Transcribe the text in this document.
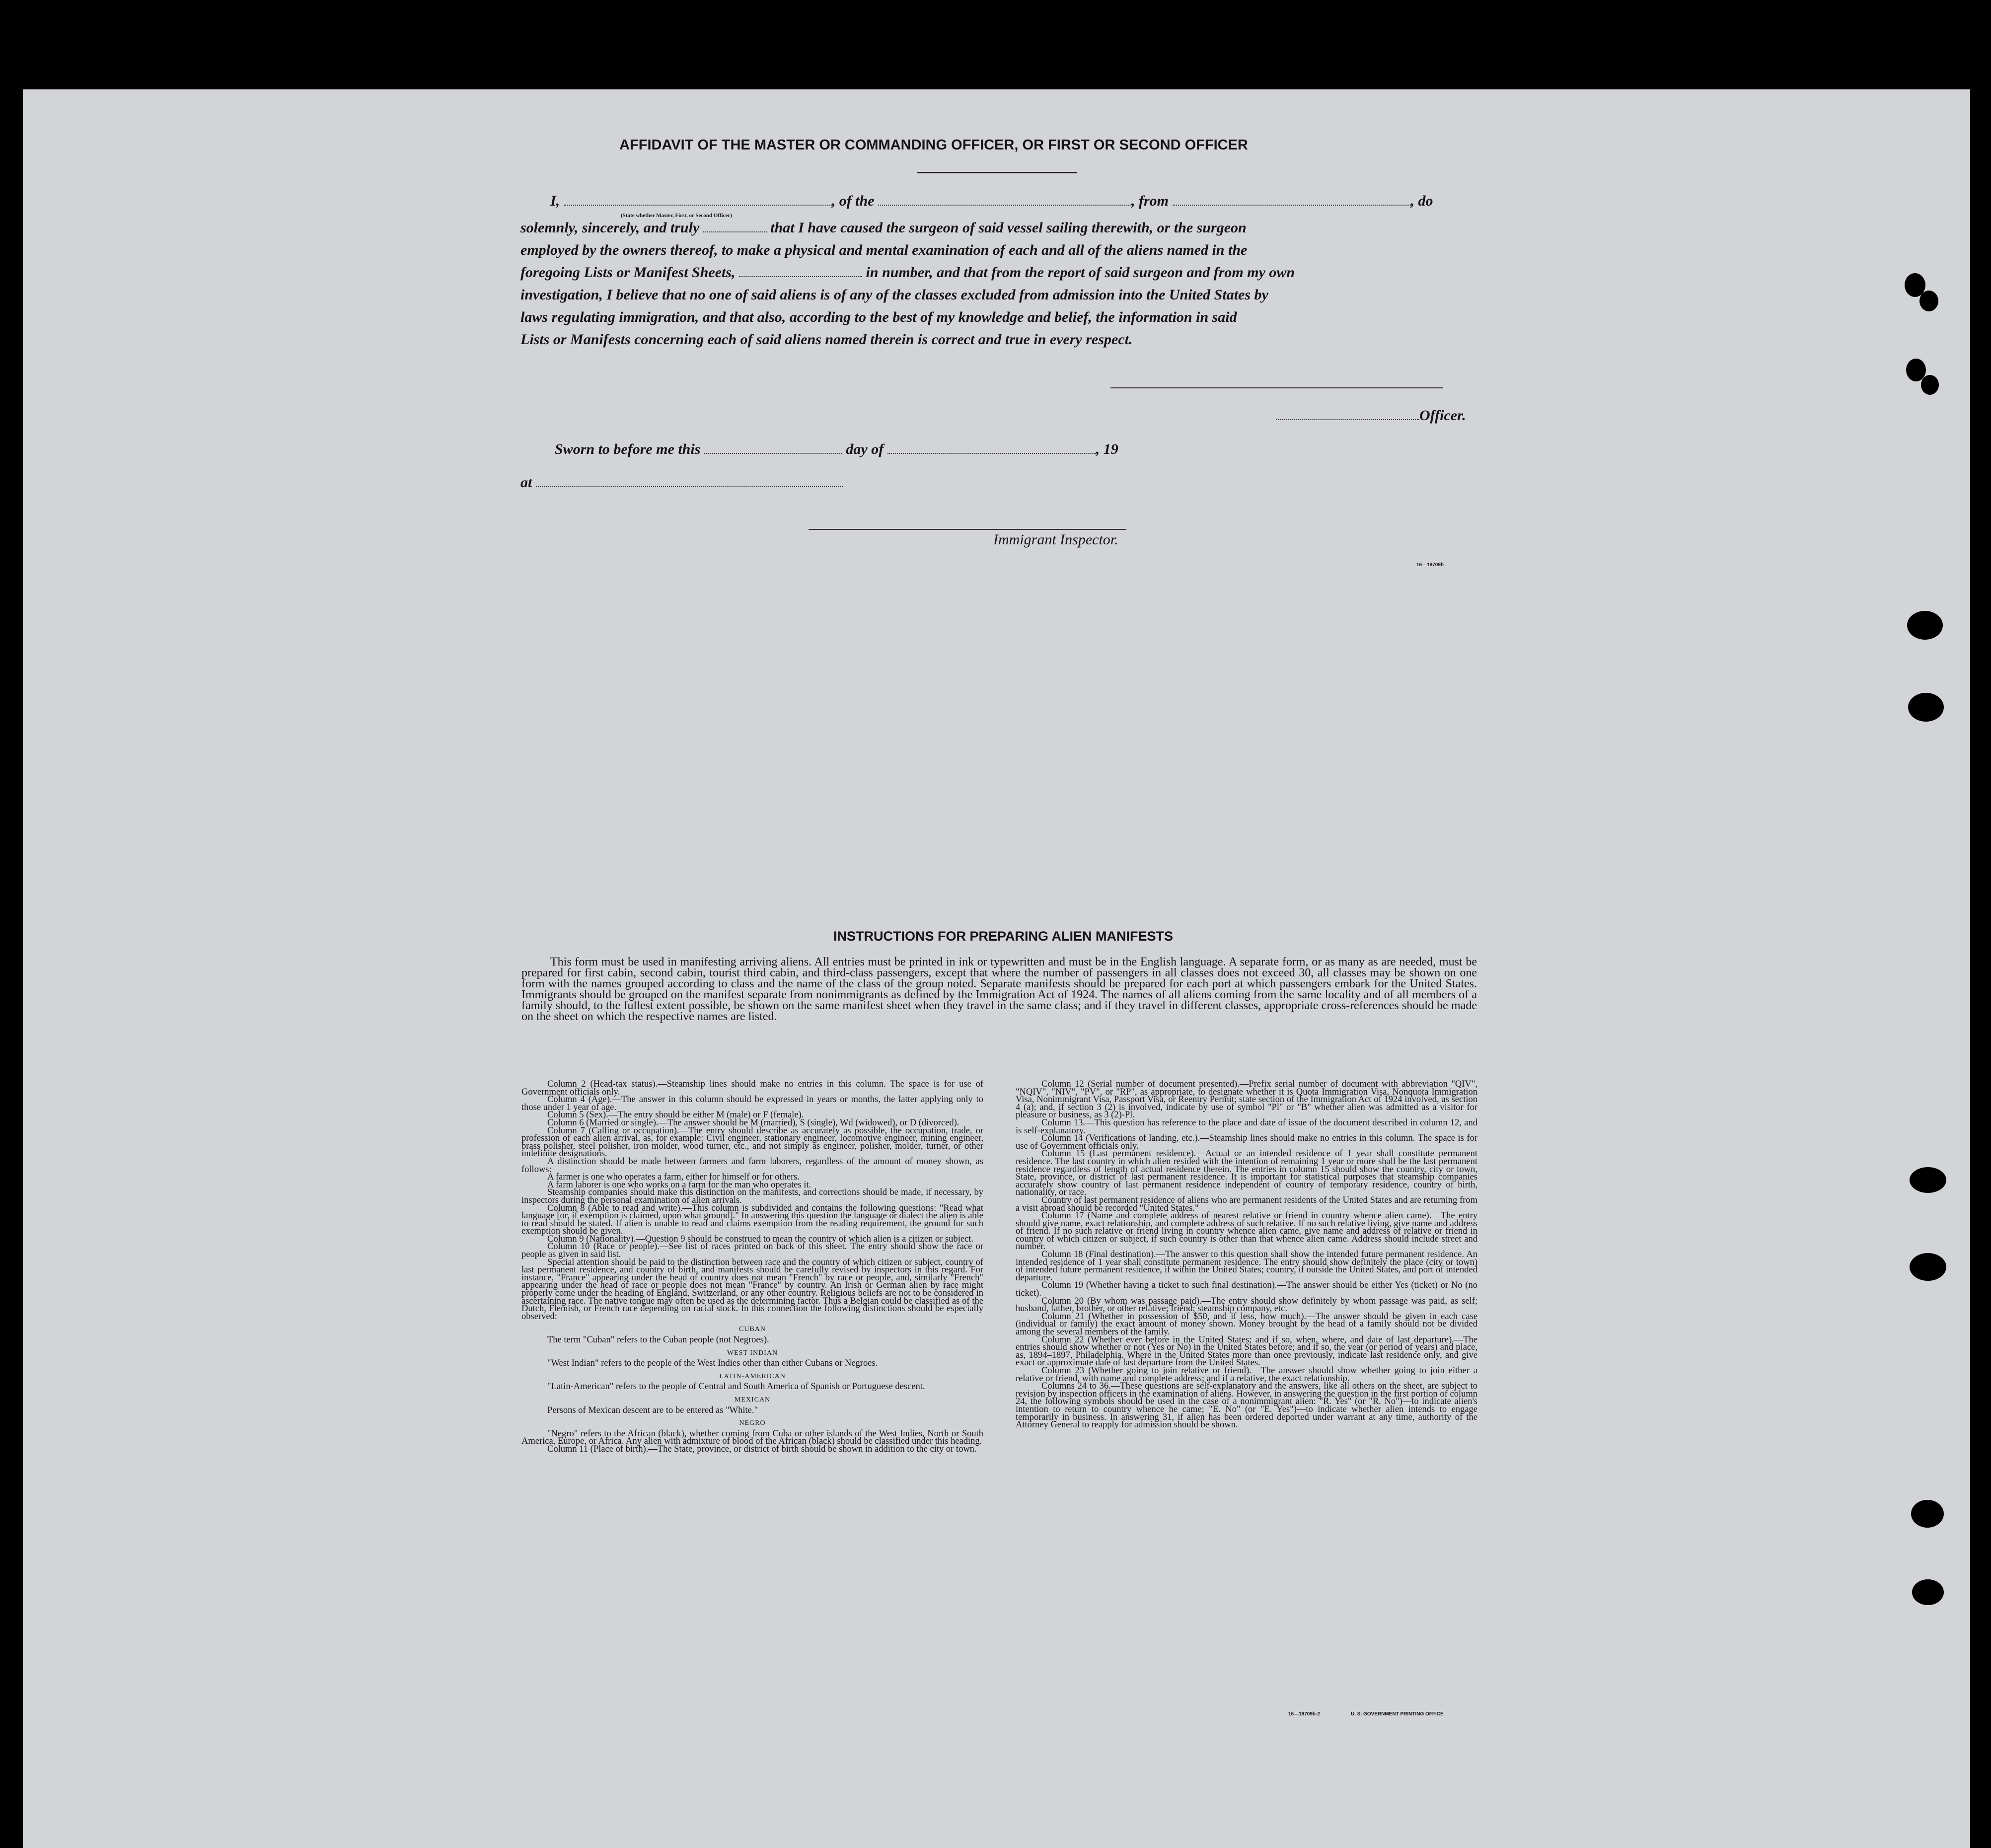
AFFIDAVIT OF THE MASTER OR COMMANDING OFFICER, OR FIRST OR SECOND OFFICER
I,	, of the	, from	, do
(State whether Master, First, or Second Officer)
solemnly, sincerely, and truly	that I have caused the surgeon of said vessel sailing therewith, or the surgeon
employed by the owners thereof, to make a physical and mental examination of each and all of the aliens named in the
foregoing Lists or Manifest Sheets,	in number, and that from the report of said surgeon and from my own
investigation, I believe that no one of said aliens is of any of the classes excluded from admission into the United States by
laws regulating immigration, and that also, according to the best of my knowledge and belief, the information in said
Lists or Manifests concerning each of said aliens named therein is correct and true in every respect.
Officer.
Sworn to before me this	day of	, 19
at
Immigrant Inspector.
16—18709b
INSTRUCTIONS FOR PREPARING ALIEN MANIFESTS
This form must be used in manifesting arriving aliens. All entries must be printed in ink or typewritten and must be in the English language. A separate form, or as many as are needed, must be prepared for first cabin, second cabin, tourist third cabin, and third-class passengers, except that where the number of passengers in all classes does not exceed 30, all classes may be shown on one form with the names grouped according to class and the name of the class of the group noted. Separate manifests should be prepared for each port at which passengers embark for the United States. Immigrants should be grouped on the manifest separate from nonimmigrants as defined by the Immigration Act of 1924. The names of all aliens coming from the same locality and of all members of a family should, to the fullest extent possible, be shown on the same manifest sheet when they travel in the same class; and if they travel in different classes, appropriate cross-references should be made on the sheet on which the respective names are listed.

Column 2 (Head-tax status).—Steamship lines should make no entries in this column. The space is for use of Government officials only.

Column 4 (Age).—The answer in this column should be expressed in years or months, the latter applying only to those under 1 year of age.

Column 5 (Sex).—The entry should be either M (male) or F (female).

Column 6 (Married or single).—The answer should be M (married), S (single), Wd (widowed), or D (divorced).

Column 7 (Calling or occupation).—The entry should describe as accurately as possible, the occupation, trade, or profession of each alien arrival, as, for example: Civil engineer, stationary engineer, locomotive engineer, mining engineer, brass polisher, steel polisher, iron molder, wood turner, etc., and not simply as engineer, polisher, molder, turner, or other indefinite designations.

A distinction should be made between farmers and farm laborers, regardless of the amount of money shown, as follows:

A farmer is one who operates a farm, either for himself or for others.

A farm laborer is one who works on a farm for the man who operates it.

Steamship companies should make this distinction on the manifests, and corrections should be made, if necessary, by inspectors during the personal examination of alien arrivals.

Column 8 (Able to read and write).—This column is subdivided and contains the following questions: "Read what language [or, if exemption is claimed, upon what ground]." In answering this question the language or dialect the alien is able to read should be stated. If alien is unable to read and claims exemption from the reading requirement, the ground for such exemption should be given.

Column 9 (Nationality).—Question 9 should be construed to mean the country of which alien is a citizen or subject.

Column 10 (Race or people).—See list of races printed on back of this sheet. The entry should show the race or people as given in said list.

Special attention should be paid to the distinction between race and the country of which citizen or subject, country of last permanent residence, and country of birth, and manifests should be carefully revised by inspectors in this regard. For instance, "France" appearing under the head of country does not mean "French" by race or people, and, similarly "French" appearing under the head of race or people does not mean "France" by country. An Irish or German alien by race might properly come under the heading of England, Switzerland, or any other country. Religious beliefs are not to be considered in ascertaining race. The native tongue may often be used as the determining factor. Thus a Belgian could be classified as of the Dutch, Flemish, or French race depending on racial stock. In this connection the following distinctions should be especially observed:

CUBAN

The term "Cuban" refers to the Cuban people (not Negroes).

WEST INDIAN

"West Indian" refers to the people of the West Indies other than either Cubans or Negroes.

LATIN-AMERICAN

"Latin-American" refers to the people of Central and South America of Spanish or Portuguese descent.

MEXICAN

Persons of Mexican descent are to be entered as "White."

NEGRO

"Negro" refers to the African (black), whether coming from Cuba or other islands of the West Indies, North or South America, Europe, or Africa. Any alien with admixture of blood of the African (black) should be classified under this heading.

Column 11 (Place of birth).—The State, province, or district of birth should be shown in addition to the city or town.

Column 12 (Serial number of document presented).—Prefix serial number of document with abbreviation "QIV", "NQIV", "NIV", "PV", or "RP", as appropriate, to designate whether it is Quota Immigration Visa, Nonquota Immigration Visa, Nonimmigrant Visa, Passport Visa, or Reentry Permit; state section of the Immigration Act of 1924 involved, as section 4 (a); and, if section 3 (2) is involved, indicate by use of symbol "Pl" or "B" whether alien was admitted as a visitor for pleasure or business, as 3 (2)-Pl.

Column 13.—This question has reference to the place and date of issue of the document described in column 12, and is self-explanatory.

Column 14 (Verifications of landing, etc.).—Steamship lines should make no entries in this column. The space is for use of Government officials only.

Column 15 (Last permanent residence).—Actual or an intended residence of 1 year shall constitute permanent residence. The last country in which alien resided with the intention of remaining 1 year or more shall be the last permanent residence regardless of length of actual residence therein. The entries in column 15 should show the country, city or town, State, province, or district of last permanent residence. It is important for statistical purposes that steamship companies accurately show country of last permanent residence independent of country of temporary residence, country of birth, nationality, or race.

Country of last permanent residence of aliens who are permanent residents of the United States and are returning from a visit abroad should be recorded "United States."

Column 17 (Name and complete address of nearest relative or friend in country whence alien came).—The entry should give name, exact relationship, and complete address of such relative. If no such relative living, give name and address of friend. If no such relative or friend living in country whence alien came, give name and address of relative or friend in country of which citizen or subject, if such country is other than that whence alien came. Address should include street and number.

Column 18 (Final destination).—The answer to this question shall show the intended future permanent residence. An intended residence of 1 year shall constitute permanent residence. The entry should show definitely the place (city or town) of intended future permanent residence, if within the United States; country, if outside the United States, and port of intended departure.

Column 19 (Whether having a ticket to such final destination).—The answer should be either Yes (ticket) or No (no ticket).

Column 20 (By whom was passage paid).—The entry should show definitely by whom passage was paid, as self; husband, father, brother, or other relative; friend; steamship company, etc.

Column 21 (Whether in possession of $50, and if less, how much).—The answer should be given in each case (individual or family) the exact amount of money shown. Money brought by the head of a family should not be divided among the several members of the family.

Column 22 (Whether ever before in the United States; and if so, when, where, and date of last departure).—The entries should show whether or not (Yes or No) in the United States before; and if so, the year (or period of years) and place, as, 1894–1897, Philadelphia. Where in the United States more than once previously, indicate last residence only, and give exact or approximate date of last departure from the United States.

Column 23 (Whether going to join relative or friend).—The answer should show whether going to join either a relative or friend, with name and complete address; and if a relative, the exact relationship.

Columns 24 to 36.—These questions are self-explanatory and the answers, like all others on the sheet, are subject to revision by inspection officers in the examination of aliens. However, in answering the question in the first portion of column 24, the following symbols should be used in the case of a nonimmigrant alien: "R. Yes" (or "R. No")—to indicate alien's intention to return to country whence he came; "E. No" (or "E. Yes")—to indicate whether alien intends to engage temporarily in business. In answering 31, if alien has been ordered deported under warrant at any time, authority of the Attorney General to reapply for admission should be shown.

16—18709b-2	U. S. GOVERNMENT PRINTING OFFICE
